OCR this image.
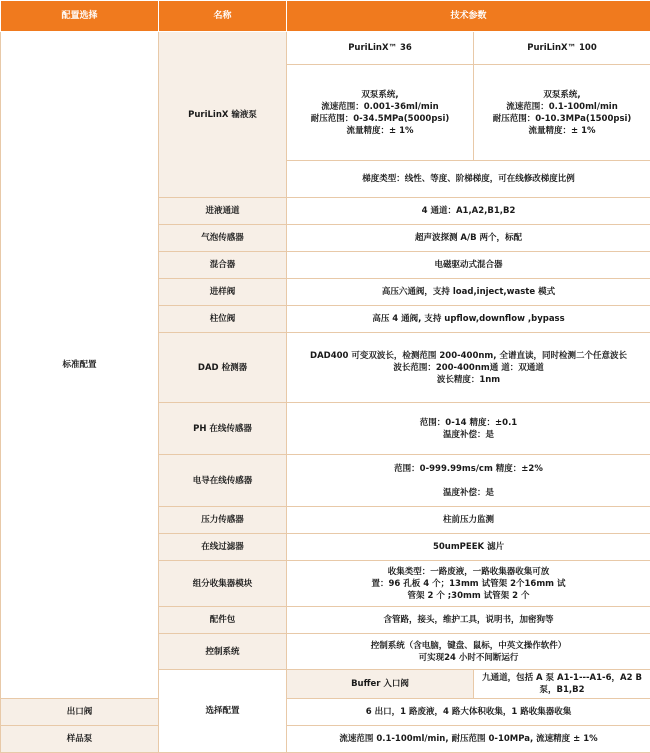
配置选择	名称	技术参数	
标准配置	PuriLinX 输液泵	PuriLinX™ 36	PuriLinX™ 100
		双泵系统,
流速范围：0.001-36ml/min
耐压范围：0-34.5MPa(5000psi)
流量精度：± 1%	双泵系统,
流速范围：0.1-100ml/min
耐压范围：0-10.3MPa(1500psi)
流量精度：± 1%
		梯度类型：线性、等度、阶梯梯度，可在线修改梯度比例	
	进液通道	4 通道：A1,A2,B1,B2	
	气泡传感器	超声波探测 A/B 两个，标配	
	混合器	电磁驱动式混合器	
	进样阀	高压六通阀，支持 load,inject,waste 模式	
	柱位阀	高压 4 通阀, 支持 upflow,downflow ,bypass	
	DAD 检测器	DAD400 可变双波长，检测范围 200-400nm, 全谱直读，同时检测二个任意波长
波长范围：200-400nm通 道：双通道
波长精度：1nm	
	PH 在线传感器	范围：0-14 精度：±0.1
温度补偿：是	
	电导在线传感器	范围：0-999.99ms/cm 精度：±2%

温度补偿：是	
	压力传感器	柱前压力监测	
	在线过滤器	50umPEEK 滤片	
	组分收集器模块	收集类型：一路废液，一路收集器收集可放
置：96 孔板 4 个；13mm 试管架 2个16mm 试
管架 2 个 ;30mm 试管架 2 个	
	配件包	含管路，接头，维护工具，说明书，加密狗等	
	控制系统	控制系统（含电脑，键盘、鼠标，中英文操作软件）
可实现24 小时不间断运行	
	选择配置	Buffer 入口阀	九通道，包括 A 泵 A1-1---A1-6，A2 B 泵，B1,B2
出口阀		6 出口，1 路废液，4 路大体积收集，1 路收集器收集	
样品泵		流速范围 0.1-100ml/min, 耐压范围 0-10MPa, 流速精度 ± 1%	
